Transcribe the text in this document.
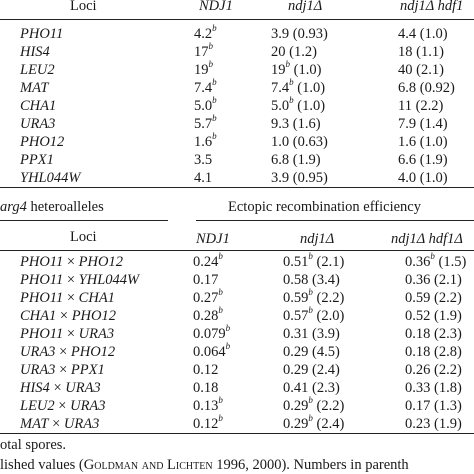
Loci	NDJ1	ndj1Δ	ndj1Δ hdf1
PHO11	4.2$^b$	3.9 (0.93)	4.4 (1.0)
HIS4	17$^b$	20 (1.2)	18 (1.1)
LEU2	19$^b$	19$^b$ (1.0)	40 (2.1)
MAT	7.4$^b$	7.4$^b$ (1.0)	6.8 (0.92)
CHA1	5.0$^b$	5.0$^b$ (1.0)	11 (2.2)
URA3	5.7$^b$	9.3 (1.6)	7.9 (1.4)
PHO12	1.6$^b$	1.0 (0.63)	1.6 (1.0)
PPX1	3.5	6.8 (1.9)	6.6 (1.9)
YHL044W	4.1	3.9 (0.95)	4.0 (1.0)
arg4 heteroalleles	Ectopic recombination efficiency
Loci	NDJ1	ndj1Δ	ndj1Δ hdf1Δ
PHO11 × PHO12	0.24$^b$	0.51$^b$ (2.1)	0.36$^b$ (1.5)
PHO11 × YHL044W	0.17	0.58 (3.4)	0.36 (2.1)
PHO11 × CHA1	0.27$^b$	0.59$^b$ (2.2)	0.59 (2.2)
CHA1 × PHO12	0.28$^b$	0.57$^b$ (2.0)	0.52 (1.9)
PHO11 × URA3	0.079$^b$	0.31 (3.9)	0.18 (2.3)
URA3 × PHO12	0.064$^b$	0.29 (4.5)	0.18 (2.8)
URA3 × PPX1	0.12	0.29 (2.4)	0.26 (2.2)
HIS4 × URA3	0.18	0.41 (2.3)	0.33 (1.8)
LEU2 × URA3	0.13$^b$	0.29$^b$ (2.2)	0.17 (1.3)
MAT × URA3	0.12$^b$	0.29$^b$ (2.4)	0.23 (1.9)
otal spores.
lished values (Goldman and Lichten 1996, 2000). Numbers in parenth
